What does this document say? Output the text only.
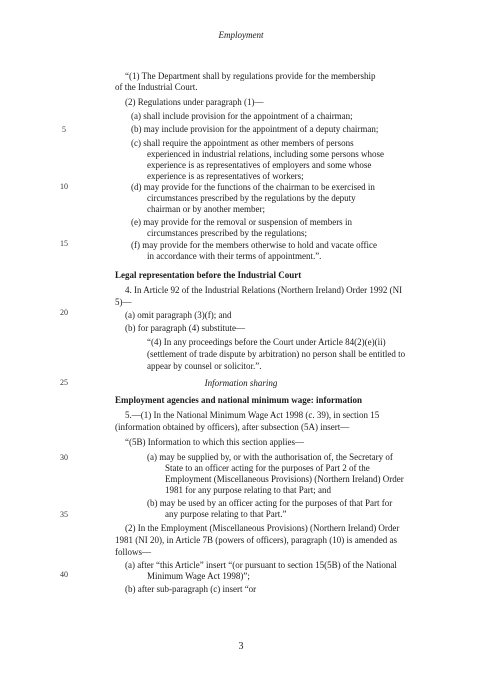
Employment
5
10
15
20
25
30
35
40
“(1) The Department shall by regulations provide for the membership
of the Industrial Court.
(2) Regulations under paragraph (1)—
(a) shall include provision for the appointment of a chairman;
(b) may include provision for the appointment of a deputy chairman;
(c) shall require the appointment as other members of persons
experienced in industrial relations, including some persons whose
experience is as representatives of employers and some whose
experience is as representatives of workers;
(d) may provide for the functions of the chairman to be exercised in
circumstances prescribed by the regulations by the deputy
chairman or by another member;
(e) may provide for the removal or suspension of members in
circumstances prescribed by the regulations;
(f) may provide for the members otherwise to hold and vacate office
in accordance with their terms of appointment.”.
Legal representation before the Industrial Court
4. In Article 92 of the Industrial Relations (Northern Ireland) Order 1992 (NI
5)—
(a) omit paragraph (3)(f); and
(b) for paragraph (4) substitute—
“(4) In any proceedings before the Court under Article 84(2)(e)(ii)
(settlement of trade dispute by arbitration) no person shall be entitled to
appear by counsel or solicitor.”.
Information sharing
Employment agencies and national minimum wage: information
5.—(1) In the National Minimum Wage Act 1998 (c. 39), in section 15
(information obtained by officers), after subsection (5A) insert—
“(5B) Information to which this section applies—
(a) may be supplied by, or with the authorisation of, the Secretary of
State to an officer acting for the purposes of Part 2 of the
Employment (Miscellaneous Provisions) (Northern Ireland) Order
1981 for any purpose relating to that Part; and
(b) may be used by an officer acting for the purposes of that Part for
any purpose relating to that Part.”
(2) In the Employment (Miscellaneous Provisions) (Northern Ireland) Order
1981 (NI 20), in Article 7B (powers of officers), paragraph (10) is amended as
follows—
(a) after “this Article” insert “(or pursuant to section 15(5B) of the National
Minimum Wage Act 1998)”;
(b) after sub-paragraph (c) insert “or
3
